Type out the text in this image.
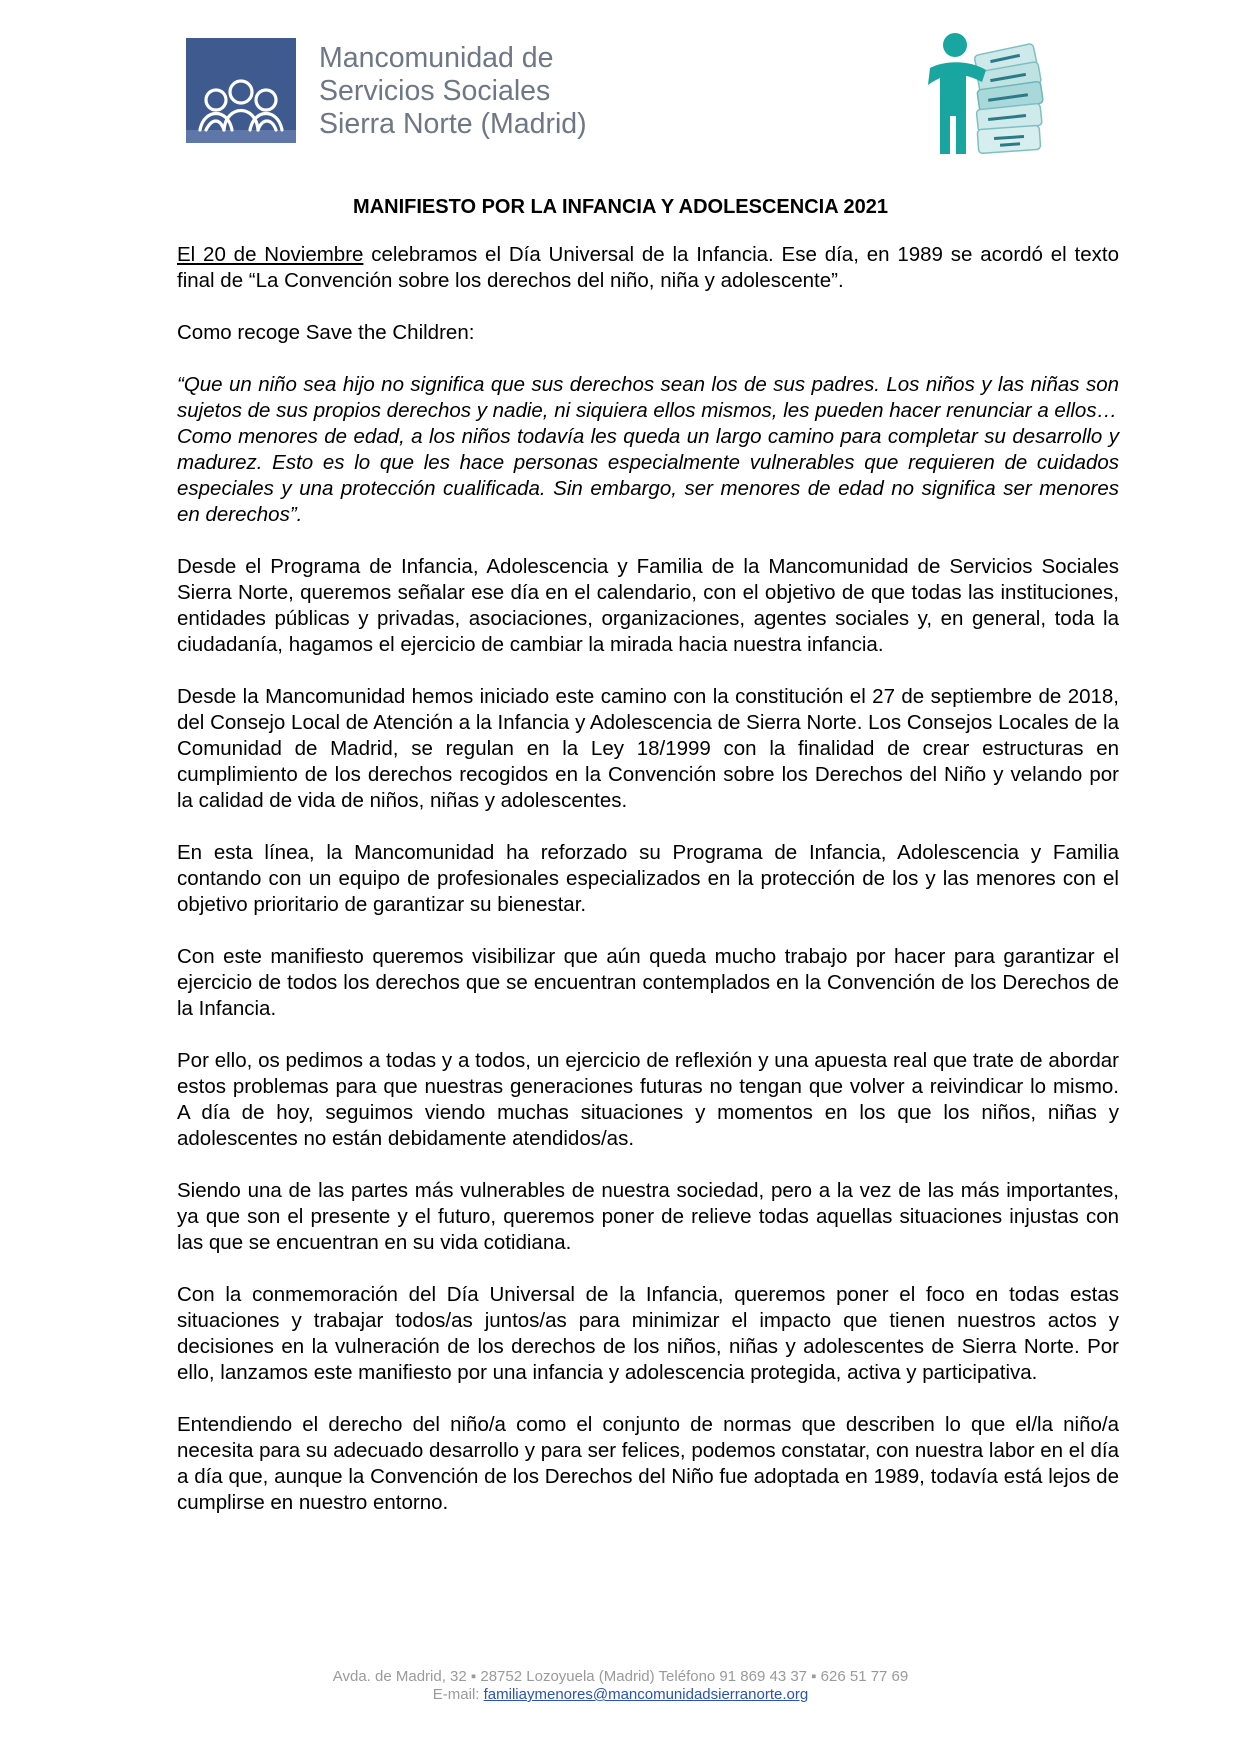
Mancomunidad de
Servicios Sociales
Sierra Norte (Madrid)
MANIFIESTO POR LA INFANCIA Y ADOLESCENCIA 2021

El 20 de Noviembre celebramos el Día Universal de la Infancia. Ese día, en 1989 se acordó el texto final de “La Convención sobre los derechos del niño, niña y adolescente”.

Como recoge Save the Children:

“Que un niño sea hijo no significa que sus derechos sean los de sus padres. Los niños y las niñas son sujetos de sus propios derechos y nadie, ni siquiera ellos mismos, les pueden hacer renunciar a ellos…
Como menores de edad, a los niños todavía les queda un largo camino para completar su desarrollo y madurez. Esto es lo que les hace personas especialmente vulnerables que requieren de cuidados especiales y una protección cualificada. Sin embargo, ser menores de edad no significa ser menores en derechos”.

Desde el Programa de Infancia, Adolescencia y Familia de la Mancomunidad de Servicios Sociales Sierra Norte, queremos señalar ese día en el calendario, con el objetivo de que todas las instituciones, entidades públicas y privadas, asociaciones, organizaciones, agentes sociales y, en general, toda la ciudadanía, hagamos el ejercicio de cambiar la mirada hacia nuestra infancia.

Desde la Mancomunidad hemos iniciado este camino con la constitución el 27 de septiembre de 2018, del Consejo Local de Atención a la Infancia y Adolescencia de Sierra Norte. Los Consejos Locales de la Comunidad de Madrid, se regulan en la Ley 18/1999 con la finalidad de crear estructuras en cumplimiento de los derechos recogidos en la Convención sobre los Derechos del Niño y velando por la calidad de vida de niños, niñas y adolescentes.

En esta línea, la Mancomunidad ha reforzado su Programa de Infancia, Adolescencia y Familia contando con un equipo de profesionales especializados en la protección de los y las menores con el objetivo prioritario de garantizar su bienestar.

Con este manifiesto queremos visibilizar que aún queda mucho trabajo por hacer para garantizar el ejercicio de todos los derechos que se encuentran contemplados en la Convención de los Derechos de la Infancia.

Por ello, os pedimos a todas y a todos, un ejercicio de reflexión y una apuesta real que trate de abordar estos problemas para que nuestras generaciones futuras no tengan que volver a reivindicar lo mismo. A día de hoy, seguimos viendo muchas situaciones y momentos en los que los niños, niñas y adolescentes no están debidamente atendidos/as.

Siendo una de las partes más vulnerables de nuestra sociedad, pero a la vez de las más importantes, ya que son el presente y el futuro, queremos poner de relieve todas aquellas situaciones injustas con las que se encuentran en su vida cotidiana.

Con la conmemoración del Día Universal de la Infancia, queremos poner el foco en todas estas situaciones y trabajar todos/as juntos/as para minimizar el impacto que tienen nuestros actos y decisiones en la vulneración de los derechos de los niños, niñas y adolescentes de Sierra Norte. Por ello, lanzamos este manifiesto por una infancia y adolescencia protegida, activa y participativa.

Entendiendo el derecho del niño/a como el conjunto de normas que describen lo que el/la niño/a necesita para su adecuado desarrollo y para ser felices, podemos constatar, con nuestra labor en el día a día que, aunque la Convención de los Derechos del Niño fue adoptada en 1989, todavía está lejos de cumplirse en nuestro entorno.

Avda. de Madrid, 32 ▪ 28752 Lozoyuela (Madrid) Teléfono 91 869 43 37 ▪ 626 51 77 69
E-mail: familiaymenores@mancomunidadsierranorte.org
